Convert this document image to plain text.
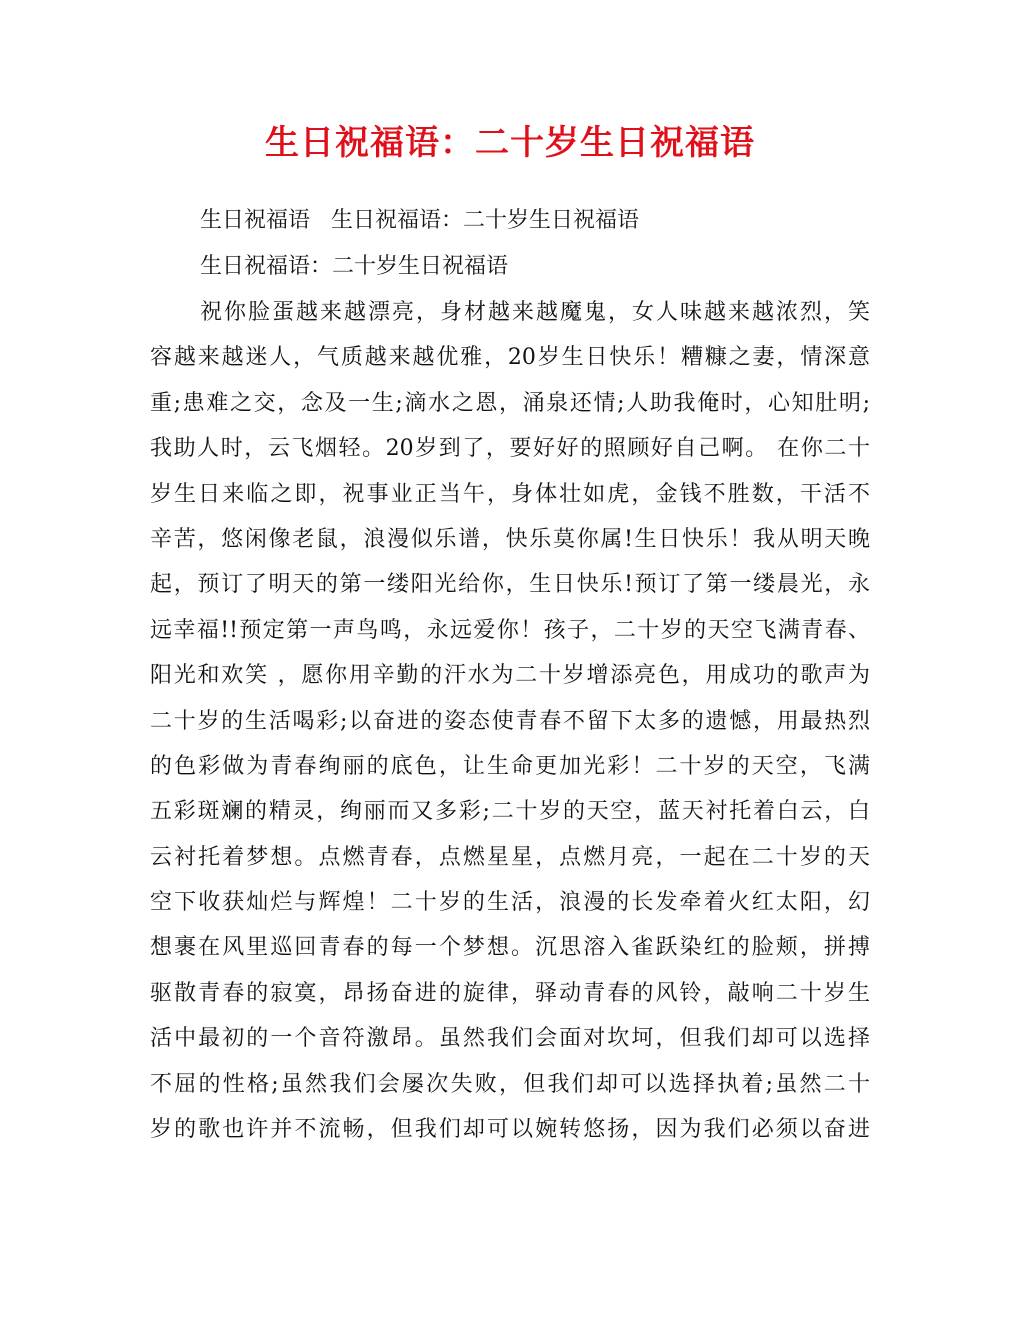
生日祝福语：二十岁生日祝福语
生日祝福语   生日祝福语：二十岁生日祝福语
生日祝福语：二十岁生日祝福语
祝你脸蛋越来越漂亮，身材越来越魔鬼，女人味越来越浓烈，笑
容越来越迷人，气质越来越优雅，20岁生日快乐！糟糠之妻，情深意
重;患难之交，念及一生;滴水之恩，涌泉还情;人助我俺时，心知肚明;
我助人时，云飞烟轻。20岁到了，要好好的照顾好自己啊。 在你二十
岁生日来临之即，祝事业正当午，身体壮如虎，金钱不胜数，干活不
辛苦，悠闲像老鼠，浪漫似乐谱，快乐莫你属!生日快乐！我从明天晚
起，预订了明天的第一缕阳光给你，生日快乐!预订了第一缕晨光，永
远幸福!!预定第一声鸟鸣，永远爱你！孩子，二十岁的天空飞满青春、
阳光和欢笑 ，愿你用辛勤的汗水为二十岁增添亮色，用成功的歌声为
二十岁的生活喝彩;以奋进的姿态使青春不留下太多的遗憾，用最热烈
的色彩做为青春绚丽的底色，让生命更加光彩！二十岁的天空，飞满
五彩斑斓的精灵，绚丽而又多彩;二十岁的天空，蓝天衬托着白云，白
云衬托着梦想。点燃青春，点燃星星，点燃月亮，一起在二十岁的天
空下收获灿烂与辉煌！二十岁的生活，浪漫的长发牵着火红太阳，幻
想裹在风里巡回青春的每一个梦想。沉思溶入雀跃染红的脸颊，拼搏
驱散青春的寂寞，昂扬奋进的旋律，驿动青春的风铃，敲响二十岁生
活中最初的一个音符激昂。虽然我们会面对坎坷，但我们却可以选择
不屈的性格;虽然我们会屡次失败，但我们却可以选择执着;虽然二十
岁的歌也许并不流畅，但我们却可以婉转悠扬，因为我们必须以奋进
